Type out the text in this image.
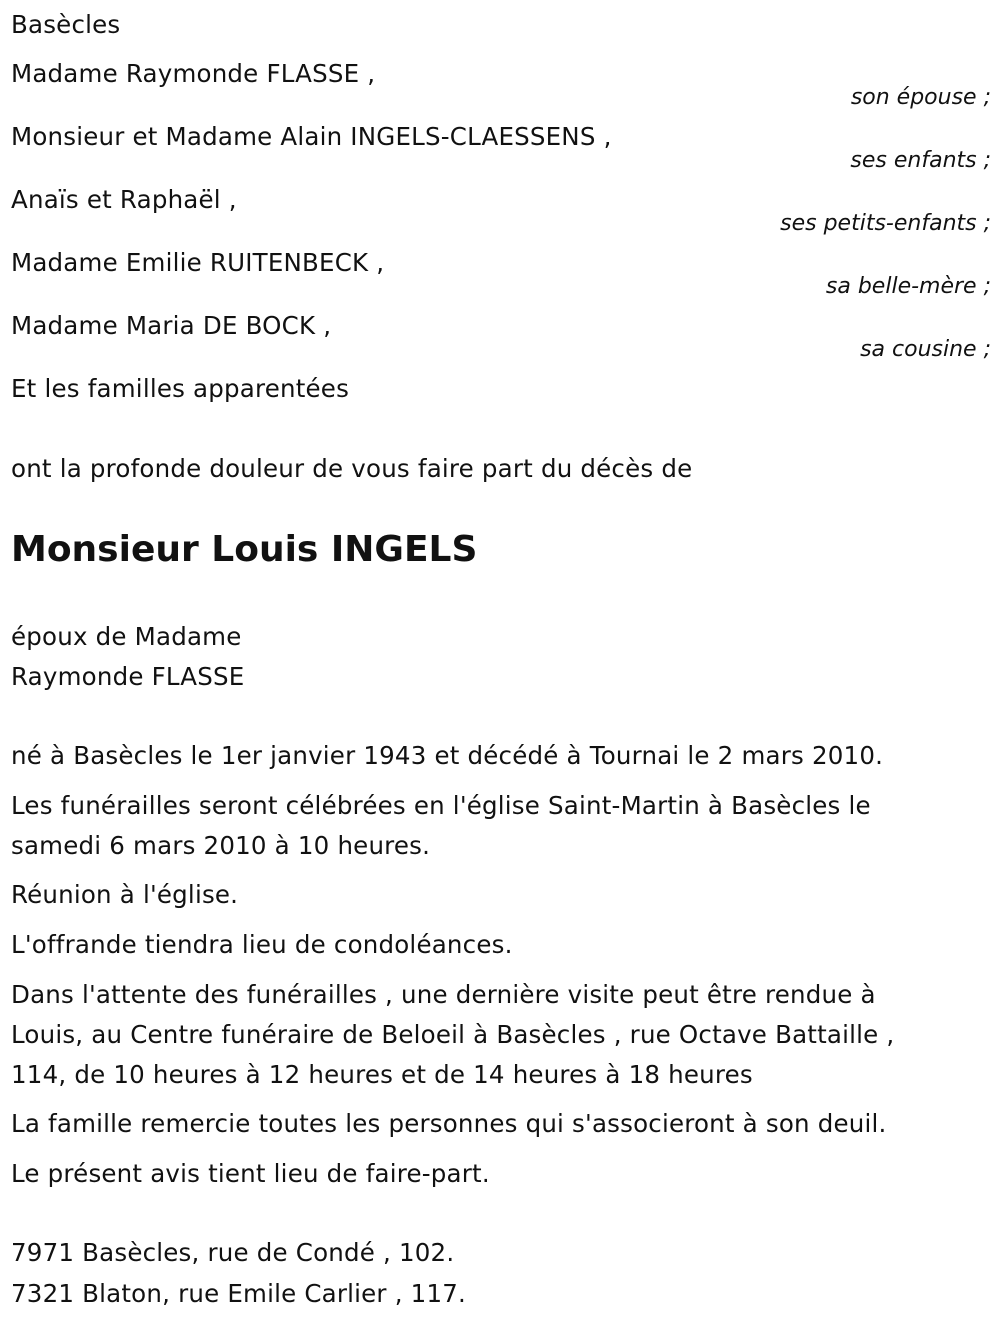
Basècles
Madame Raymonde FLASSE ,
son épouse ;
Monsieur et Madame Alain INGELS-CLAESSENS ,
ses enfants ;
Anaïs et Raphaël ,
ses petits-enfants ;
Madame Emilie RUITENBECK ,
sa belle-mère ;
Madame Maria DE BOCK ,
sa cousine ;
Et les familles apparentées
ont la profonde douleur de vous faire part du décès de
Monsieur Louis INGELS
époux de Madame
Raymonde FLASSE
né à Basècles le 1er janvier 1943 et décédé à Tournai le 2 mars 2010.
Les funérailles seront célébrées en l'église Saint-Martin à Basècles le
samedi 6 mars 2010 à 10 heures.
Réunion à l'église.
L'offrande tiendra lieu de condoléances.
Dans l'attente des funérailles , une dernière visite peut être rendue à
Louis, au Centre funéraire de Beloeil à Basècles , rue Octave Battaille ,
114, de 10 heures à 12 heures et de 14 heures à 18 heures
La famille remercie toutes les personnes qui s'associeront à son deuil.
Le présent avis tient lieu de faire-part.
7971 Basècles, rue de Condé , 102.
7321 Blaton, rue Emile Carlier , 117.
